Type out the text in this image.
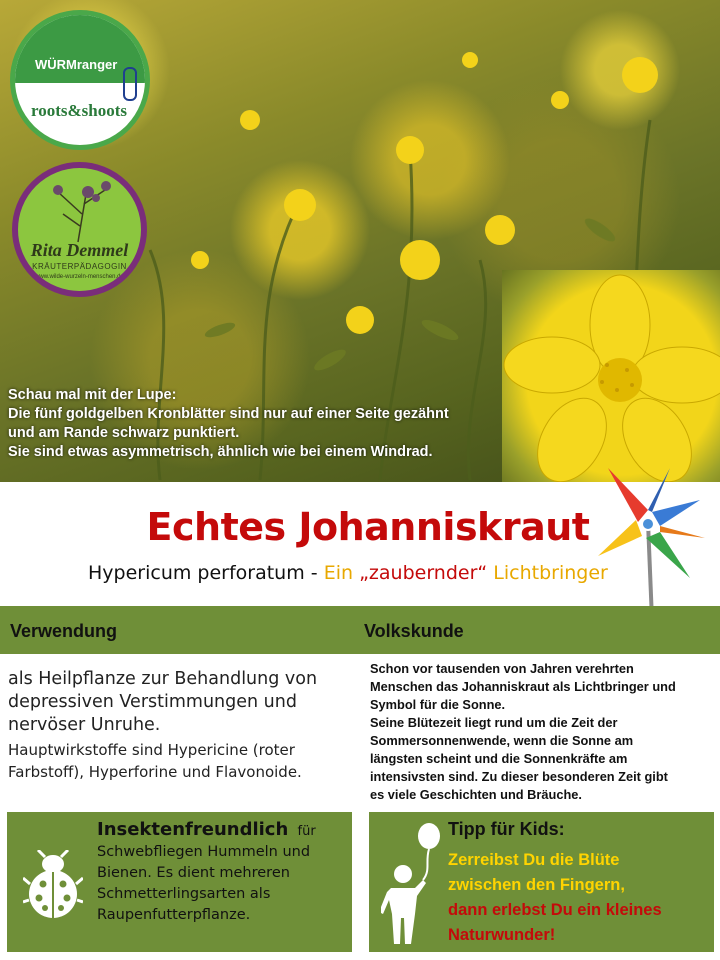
WÜRMranger
roots&shoots
Rita Demmel
KRÄUTERPÄDAGOGIN
www.wilde-wurzeln-menschen.de
Schau mal mit der Lupe:
Die fünf goldgelben Kronblätter sind nur auf einer Seite gezähnt
und am Rande schwarz punktiert.
Sie sind etwas asymmetrisch, ähnlich wie bei einem Windrad.
Echtes Johanniskraut
Hypericum perforatum - Ein „zaubernder“ Lichtbringer
Verwendung	Volkskunde

als Heilpflanze zur Behandlung von
depressiven Verstimmungen und
nervöser Unruhe.

Hauptwirkstoffe sind Hypericine (roter
Farbstoff), Hyperforine und Flavonoide.

Schon vor tausenden von Jahren verehrten
Menschen das Johanniskraut als Lichtbringer und
Symbol für die Sonne.
Seine Blütezeit liegt rund um die Zeit der
Sommersonnenwende, wenn die Sonne am
längsten scheint und die Sonnenkräfte am
intensivsten sind. Zu dieser besonderen Zeit gibt
es viele Geschichten und Bräuche.
Insektenfreundlich für
Schwebfliegen Hummeln und
Bienen. Es dient mehreren
Schmetterlingsarten als
Raupenfutterpflanze.
Tipp für Kids:
Zerreibst Du die Blüte
zwischen den Fingern,
dann erlebst Du ein kleines
Naturwunder!
